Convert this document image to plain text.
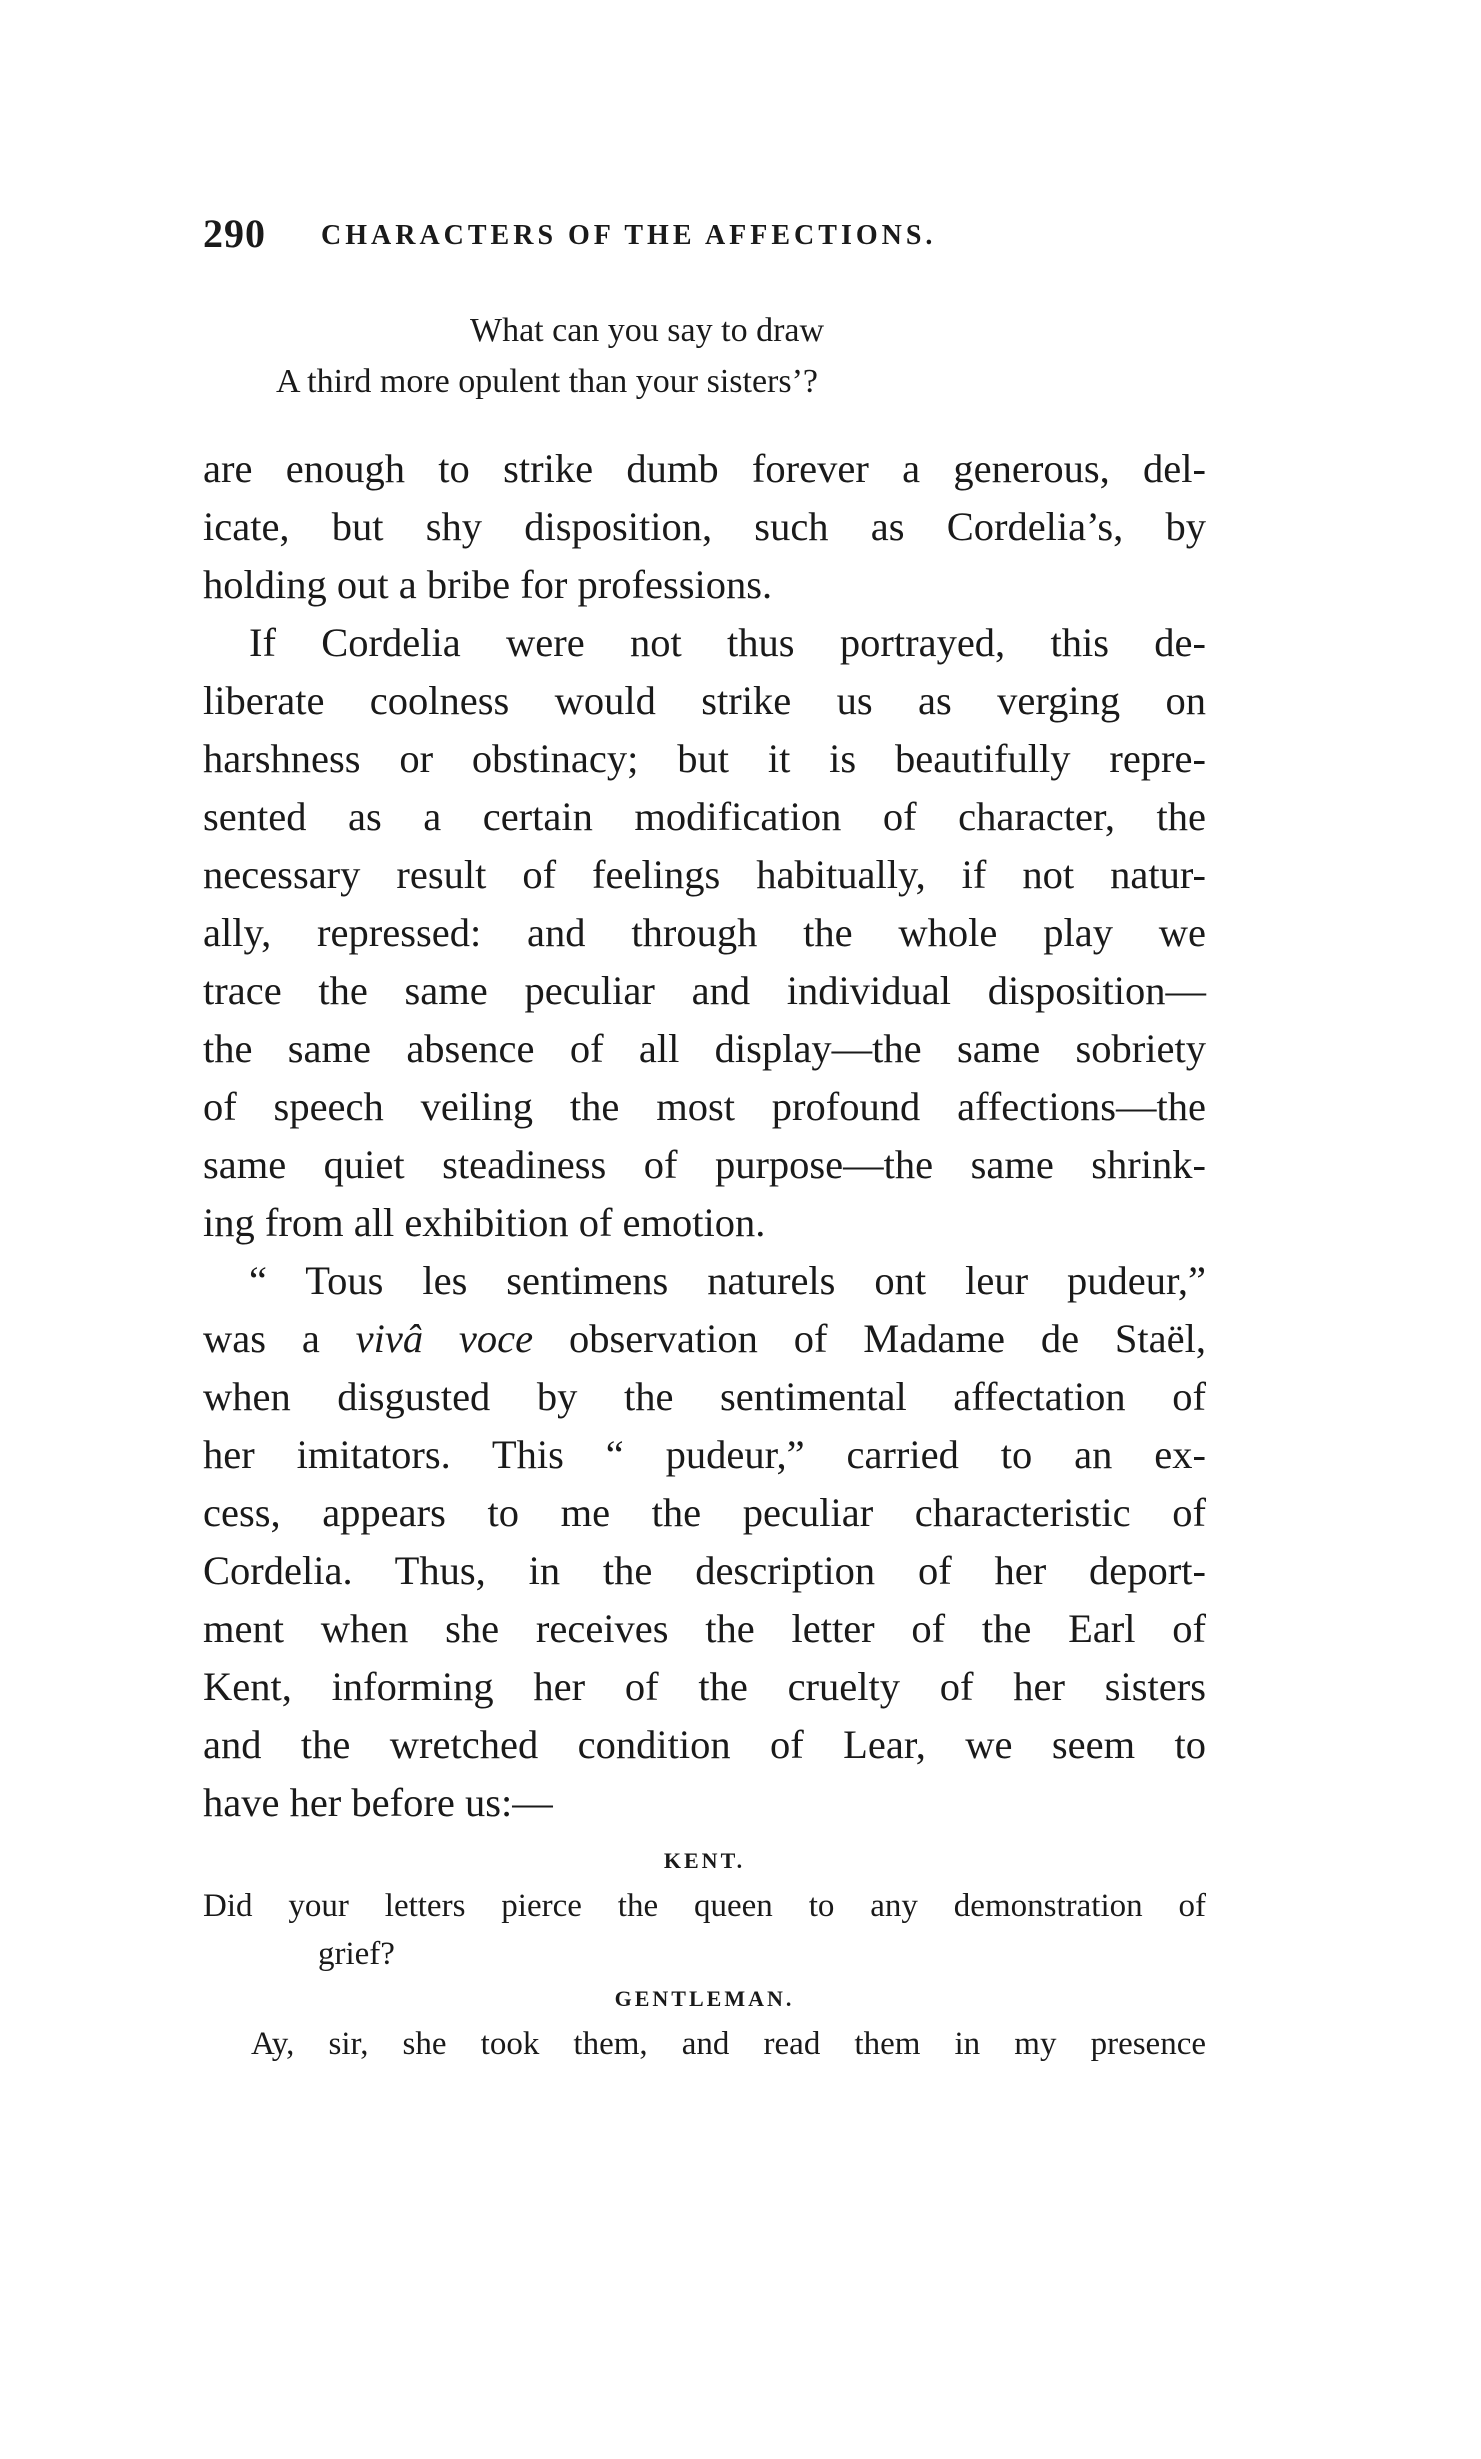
290 CHARACTERS OF THE AFFECTIONS.
What can you say to draw
A third more opulent than your sisters’?
are enough to strike dumb forever a generous, del-
icate, but shy disposition, such as Cordelia’s, by
holding out a bribe for professions.
If Cordelia were not thus portrayed, this de-
liberate coolness would strike us as verging on
harshness or obstinacy; but it is beautifully repre-
sented as a certain modification of character, the
necessary result of feelings habitually, if not natur-
ally, repressed: and through the whole play we
trace the same peculiar and individual disposition—
the same absence of all display—the same sobriety
of speech veiling the most profound affections—the
same quiet steadiness of purpose—the same shrink-
ing from all exhibition of emotion.
“ Tous les sentimens naturels ont leur pudeur,”
was a vivâ voce observation of Madame de Staël,
when disgusted by the sentimental affectation of
her imitators. This “ pudeur,” carried to an ex-
cess, appears to me the peculiar characteristic of
Cordelia. Thus, in the description of her deport-
ment when she receives the letter of the Earl of
Kent, informing her of the cruelty of her sisters
and the wretched condition of Lear, we seem to
have her before us:—
KENT.
Did your letters pierce the queen to any demonstration of
grief?
GENTLEMAN.
Ay, sir, she took them, and read them in my presence
